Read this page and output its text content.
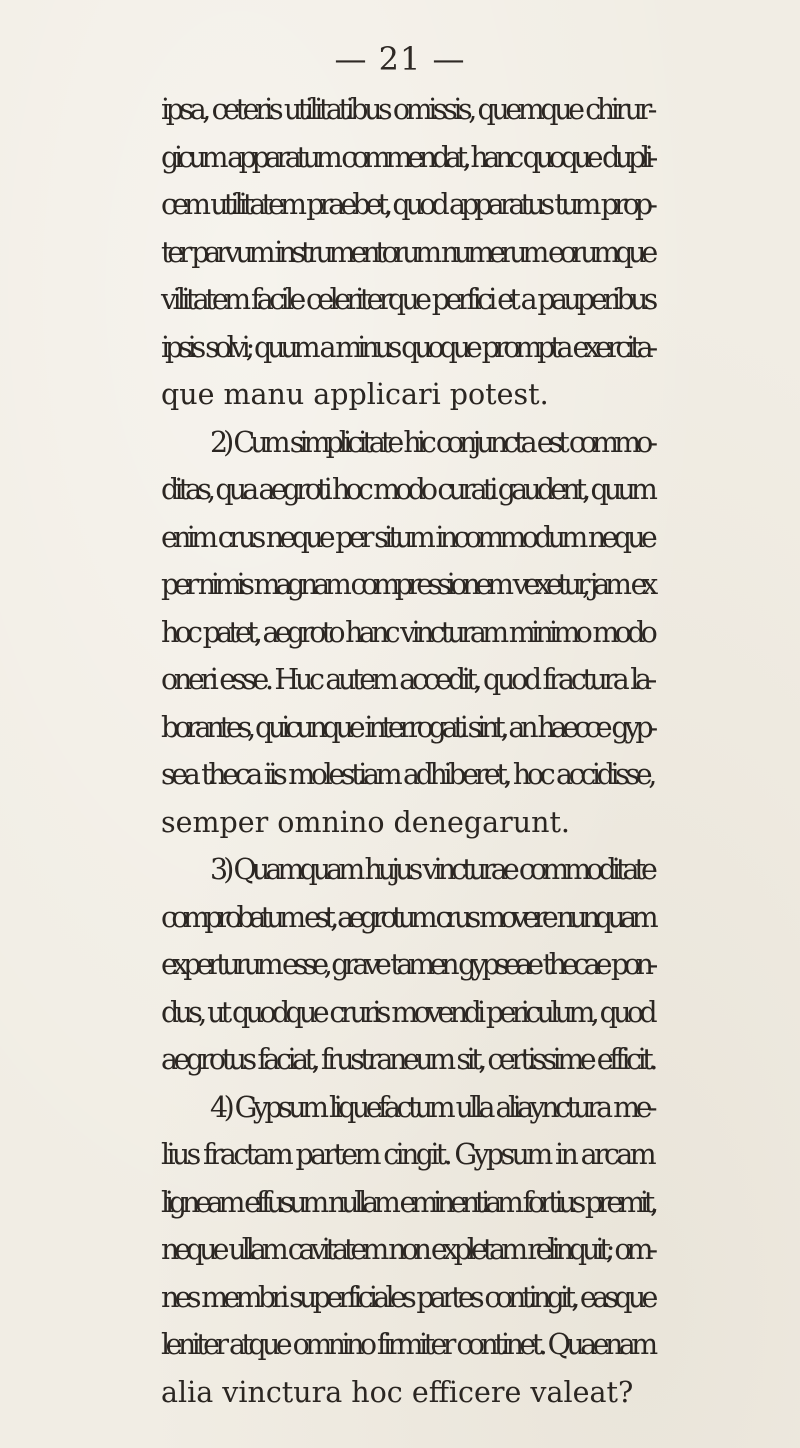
— 21 —
ipsa, ceteris utilitatibus omissis, quemque chirur-
gicum apparatum commendat, hanc quoque dupli-
cem utilitatem praebet, quod apparatus tum prop-
ter parvum instrumentorum numerum eorumque
vilitatem facile celeriterque perfici et a pauperibus
ipsis solvi; quum a minus quoque prompta exercita-
que manu applicari potest.
2) Cum simplicitate hic conjuncta est commo-
ditas, qua aegroti hoc modo curati gaudent, quum
enim crus neque per situm incommodum neque
per nimis magnam compressionem vexetur, jam ex
hoc patet, aegroto hanc vincturam minimo modo
oneri esse. Huc autem accedit, quod fractura la-
borantes, quicunque interrogati sint, an haecce gyp-
sea theca iis molestiam adhiberet, hoc accidisse,
semper omnino denegarunt.
3) Quamquam hujus vincturae commoditate
comprobatum est, aegrotum crus movere nunquam
experturum esse, grave tamen gypseae thecae pon-
dus, ut quodque cruris movendi periculum, quod
aegrotus faciat, frustraneum sit, certissime efficit.
4) Gypsum liquefactum ulla aliaynctura me-
lius fractam partem cingit. Gypsum in arcam
ligneam effusum nullam eminentiam fortius premit,
neque ullam cavitatem non expletam relinquit; om-
nes membri superficiales partes contingit, easque
leniter atque omnino firmiter continet. Quaenam
alia vinctura hoc efficere valeat?
